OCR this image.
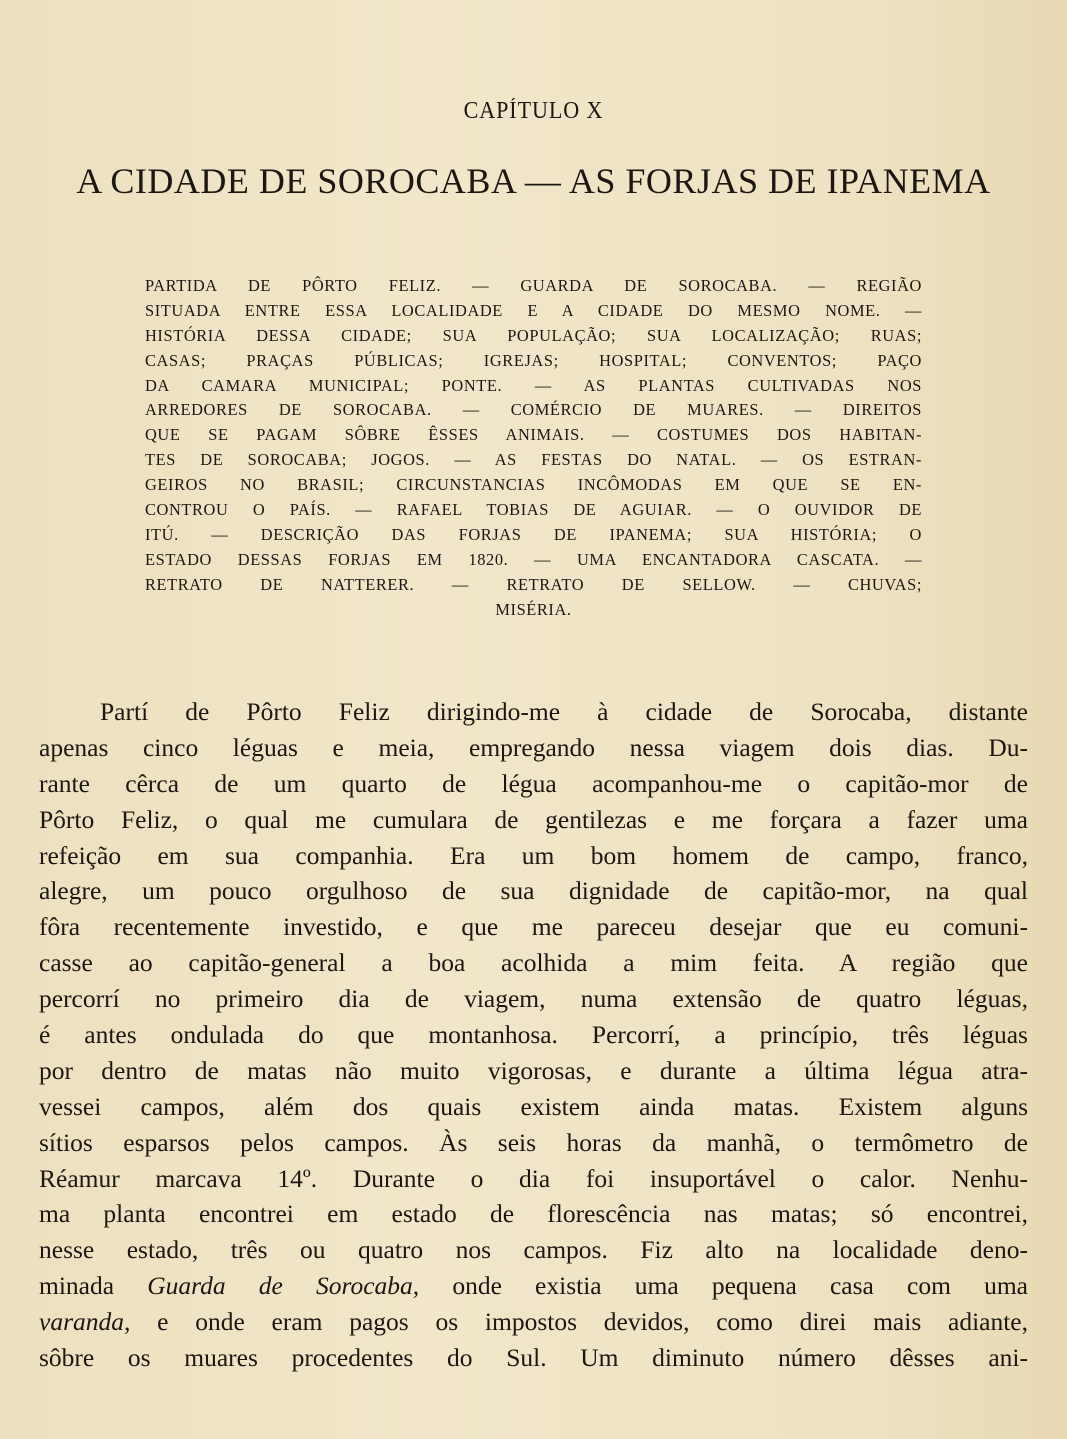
CAPÍTULO X
A CIDADE DE SOROCABA — AS FORJAS DE IPANEMA
PARTIDA DE PÔRTO FELIZ. — GUARDA DE SOROCABA. — REGIÃO
SITUADA ENTRE ESSA LOCALIDADE E A CIDADE DO MESMO NOME. —
HISTÓRIA DESSA CIDADE; SUA POPULAÇÃO; SUA LOCALIZAÇÃO; RUAS;
CASAS; PRAÇAS PÚBLICAS; IGREJAS; HOSPITAL; CONVENTOS; PAÇO
DA CAMARA MUNICIPAL; PONTE. — AS PLANTAS CULTIVADAS NOS
ARREDORES DE SOROCABA. — COMÉRCIO DE MUARES. — DIREITOS
QUE SE PAGAM SÔBRE ÊSSES ANIMAIS. — COSTUMES DOS HABITAN-
TES DE SOROCABA; JOGOS. — AS FESTAS DO NATAL. — OS ESTRAN-
GEIROS NO BRASIL; CIRCUNSTANCIAS INCÔMODAS EM QUE SE EN-
CONTROU O PAÍS. — RAFAEL TOBIAS DE AGUIAR. — O OUVIDOR DE
ITÚ. — DESCRIÇÃO DAS FORJAS DE IPANEMA; SUA HISTÓRIA; O
ESTADO DESSAS FORJAS EM 1820. — UMA ENCANTADORA CASCATA. —
RETRATO DE NATTERER. — RETRATO DE SELLOW. — CHUVAS;
MISÉRIA.
Partí de Pôrto Feliz dirigindo-me à cidade de Sorocaba, distante
apenas cinco léguas e meia, empregando nessa viagem dois dias. Du-
rante cêrca de um quarto de légua acompanhou-me o capitão-mor de
Pôrto Feliz, o qual me cumulara de gentilezas e me forçara a fazer uma
refeição em sua companhia. Era um bom homem de campo, franco,
alegre, um pouco orgulhoso de sua dignidade de capitão-mor, na qual
fôra recentemente investido, e que me pareceu desejar que eu comuni-
casse ao capitão-general a boa acolhida a mim feita. A região que
percorrí no primeiro dia de viagem, numa extensão de quatro léguas,
é antes ondulada do que montanhosa. Percorrí, a princípio, três léguas
por dentro de matas não muito vigorosas, e durante a última légua atra-
vessei campos, além dos quais existem ainda matas. Existem alguns
sítios esparsos pelos campos. Às seis horas da manhã, o termômetro de
Réamur marcava 14º. Durante o dia foi insuportável o calor. Nenhu-
ma planta encontrei em estado de florescência nas matas; só encontrei,
nesse estado, três ou quatro nos campos. Fiz alto na localidade deno-
minada Guarda de Sorocaba, onde existia uma pequena casa com uma
varanda, e onde eram pagos os impostos devidos, como direi mais adiante,
sôbre os muares procedentes do Sul. Um diminuto número dêsses ani-
